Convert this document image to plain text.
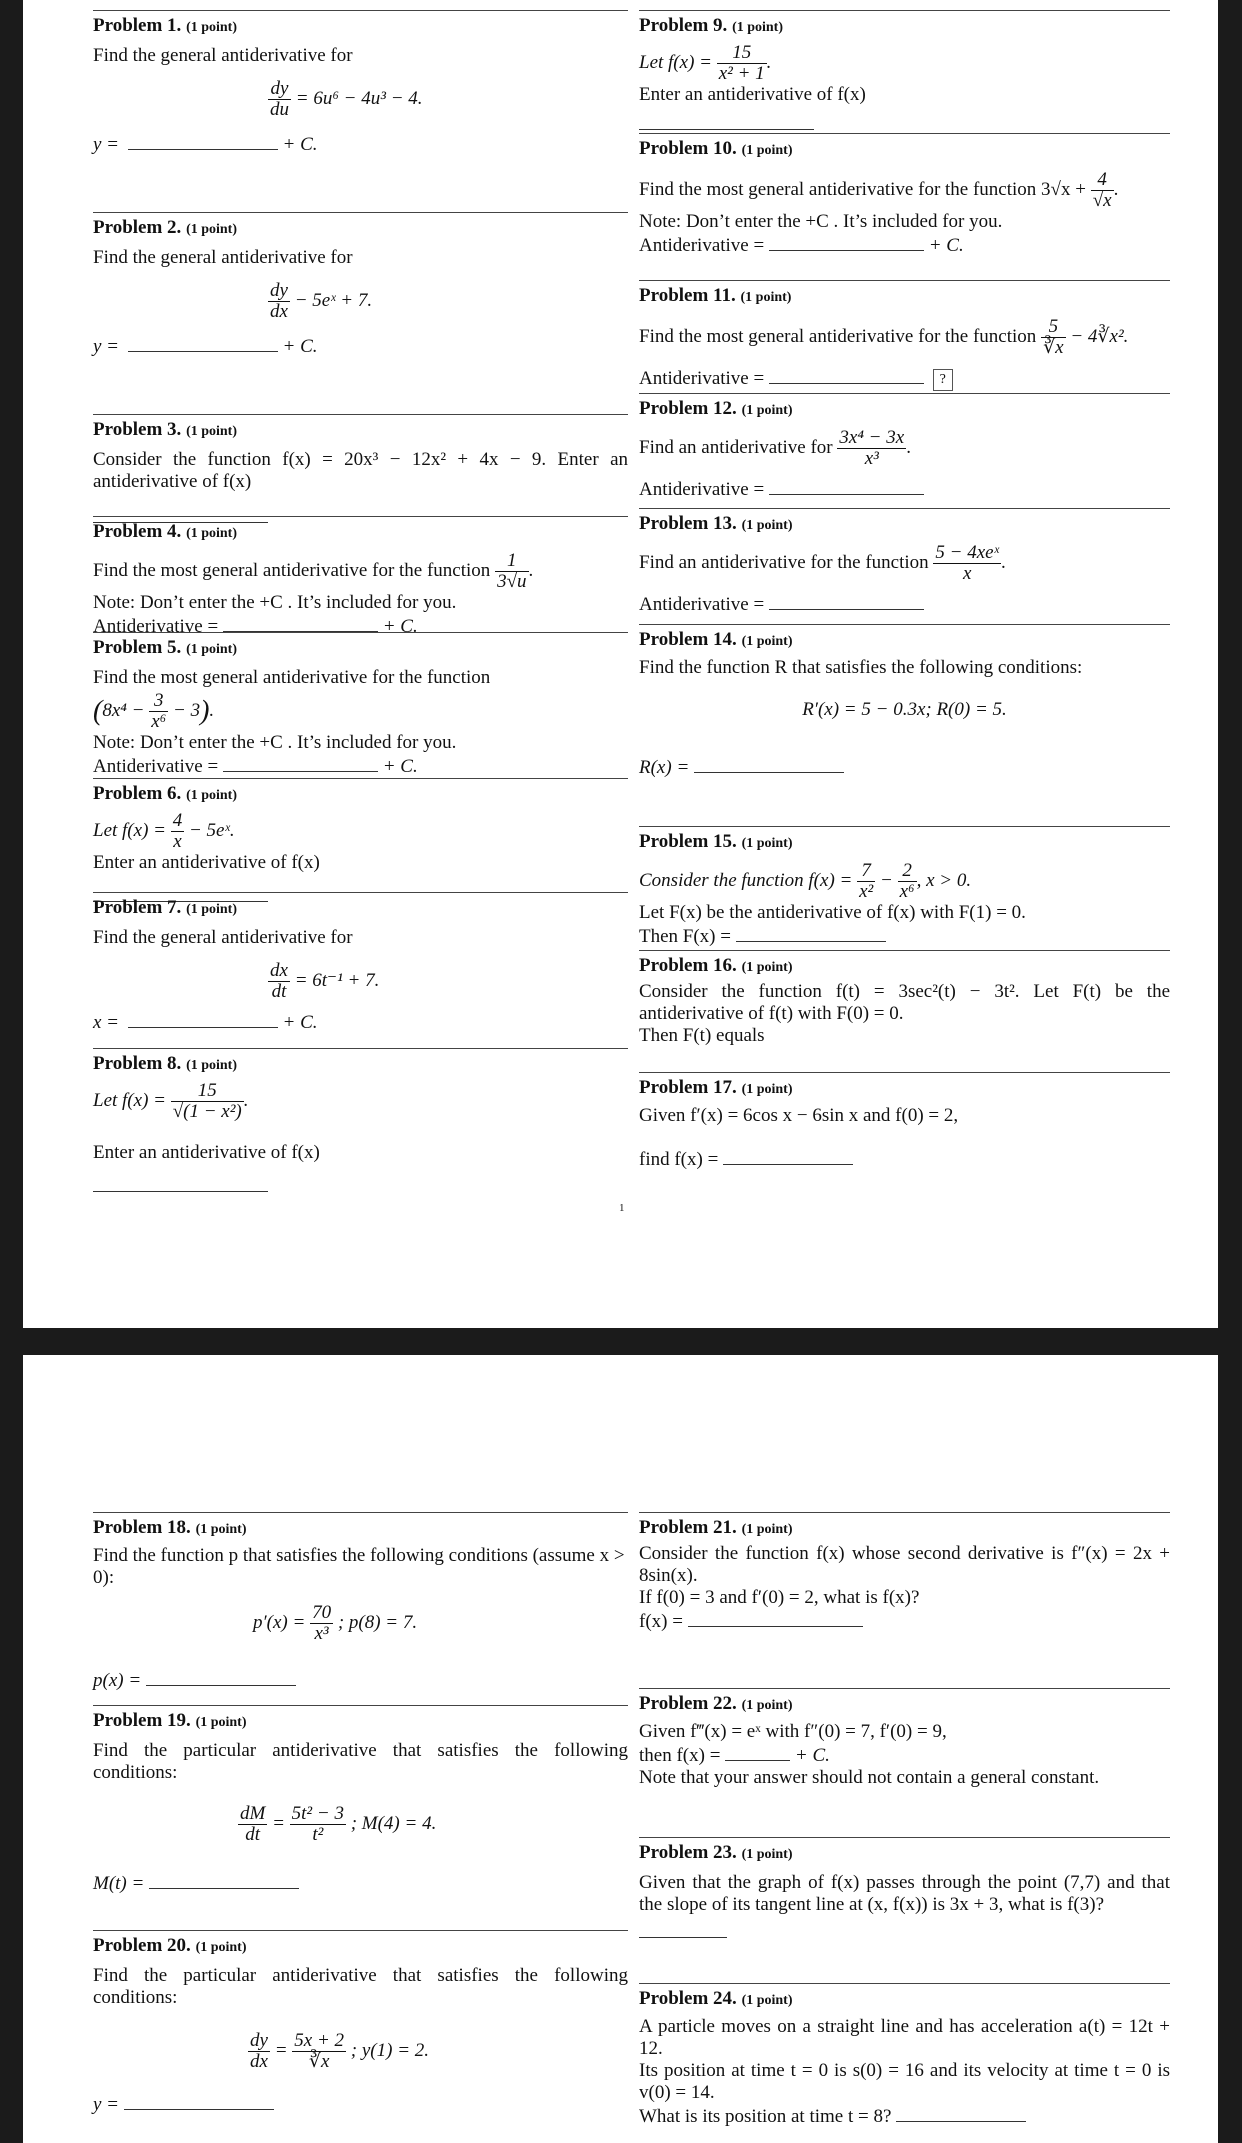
Problem 1. (1 point)
Find the general antiderivative for
$\frac{dy}{du} = 6u^6 - 4u^3 - 4$.
y =	+ C.
Problem 2. (1 point)
Find the general antiderivative for
$\frac{dy}{dx}$ − 5eˣ + 7.
y =	+ C.
Problem 3. (1 point)
Consider the function f(x) = 20x³ − 12x² + 4x − 9. Enter an antiderivative of f(x)
Problem 4. (1 point)
Find the most general antiderivative for the function $\frac{1}{3√u}$ .
Note: Don’t enter the +C . It’s included for you.
Antiderivative =	+ C.
Problem 5. (1 point)
Find the most general antiderivative for the function
$(8x^4 - \frac{3}{\text{x⁶}} - 3)$.
Note: Don’t enter the +C . It’s included for you.
Antiderivative =	+ C.
Problem 6. (1 point)
Let $f(x) = \frac{4}{x}$ − 5eˣ.
Enter an antiderivative of f(x)
Problem 7. (1 point)
Find the general antiderivative for
$\frac{dx}{dt} = 6t^{-1} + 7$.
x =	+ C.
Problem 8. (1 point)
Let $f(x) = \frac{15}{\text{√(1 − x²)}}$ .
Enter an antiderivative of f(x)
Problem 9. (1 point)
Let $f(x) = \frac{15}{\text{x² + 1}}$ .
Enter an antiderivative of f(x)
Problem 10. (1 point)
Find the most general antiderivative for the function $3√x + \frac{4}{√x}$ .
Note: Don’t enter the +C . It’s included for you.
Antiderivative =	+ C.
Problem 11. (1 point)
Find the most general antiderivative for the function $\frac{5}{∛x}$ − 4∛x².
Antiderivative =	?
Problem 12. (1 point)
Find an antiderivative for $\frac{\text{3x⁴ − 3x}}{\text{x³}}$ .
Antiderivative =
Problem 13. (1 point)
Find an antiderivative for the function $\frac{\text{5 − 4xeˣ}}{x}$ .
Antiderivative =
Problem 14. (1 point)
Find the function R that satisfies the following conditions:
R′(x) = 5 − 0.3x; R(0) = 5.
R(x) =
Problem 15. (1 point)
Consider the function $f(x) = \frac{7}{\text{x²}} - \frac{2}{\text{x⁶}}$ , x > 0.
Let F(x) be the antiderivative of f(x) with F(1) = 0.
Then F(x) =
Problem 16. (1 point)
Consider the function f(t) = 3sec²(t) − 3t². Let F(t) be the antiderivative of f(t) with F(0) = 0.
Then F(t) equals
Problem 17. (1 point)
Given f′(x) = 6cos x − 6sin x and f(0) = 2,
find f(x) =
1
Problem 18. (1 point)
Find the function p that satisfies the following conditions (assume x > 0):
$p'(x) = \frac{70}{\text{x³}}$ ; p(8) = 7.
p(x) =
Problem 19. (1 point)
Find the particular antiderivative that satisfies the following conditions:
$\frac{dM}{dt} = \frac{\text{5t² − 3}}{\text{t²}}$ ; M(4) = 4.
M(t) =
Problem 20. (1 point)
Find the particular antiderivative that satisfies the following conditions:
$\frac{dy}{dx} = \frac{5x + 2}{∛x}$ ; y(1) = 2.
y =
Problem 21. (1 point)
Consider the function f(x) whose second derivative is f″(x) = 2x + 8sin(x).
If f(0) = 3 and f′(0) = 2, what is f(x)?
f(x) =
Problem 22. (1 point)
Given f‴(x) = eˣ with f″(0) = 7, f′(0) = 9,
then f(x) =	+ C.
Note that your answer should not contain a general constant.
Problem 23. (1 point)
Given that the graph of f(x) passes through the point (7,7) and that the slope of its tangent line at (x, f(x)) is 3x + 3, what is f(3)?
Problem 24. (1 point)
A particle moves on a straight line and has acceleration a(t) = 12t + 12.
Its position at time t = 0 is s(0) = 16 and its velocity at time t = 0 is v(0) = 14.
What is its position at time t = 8?
